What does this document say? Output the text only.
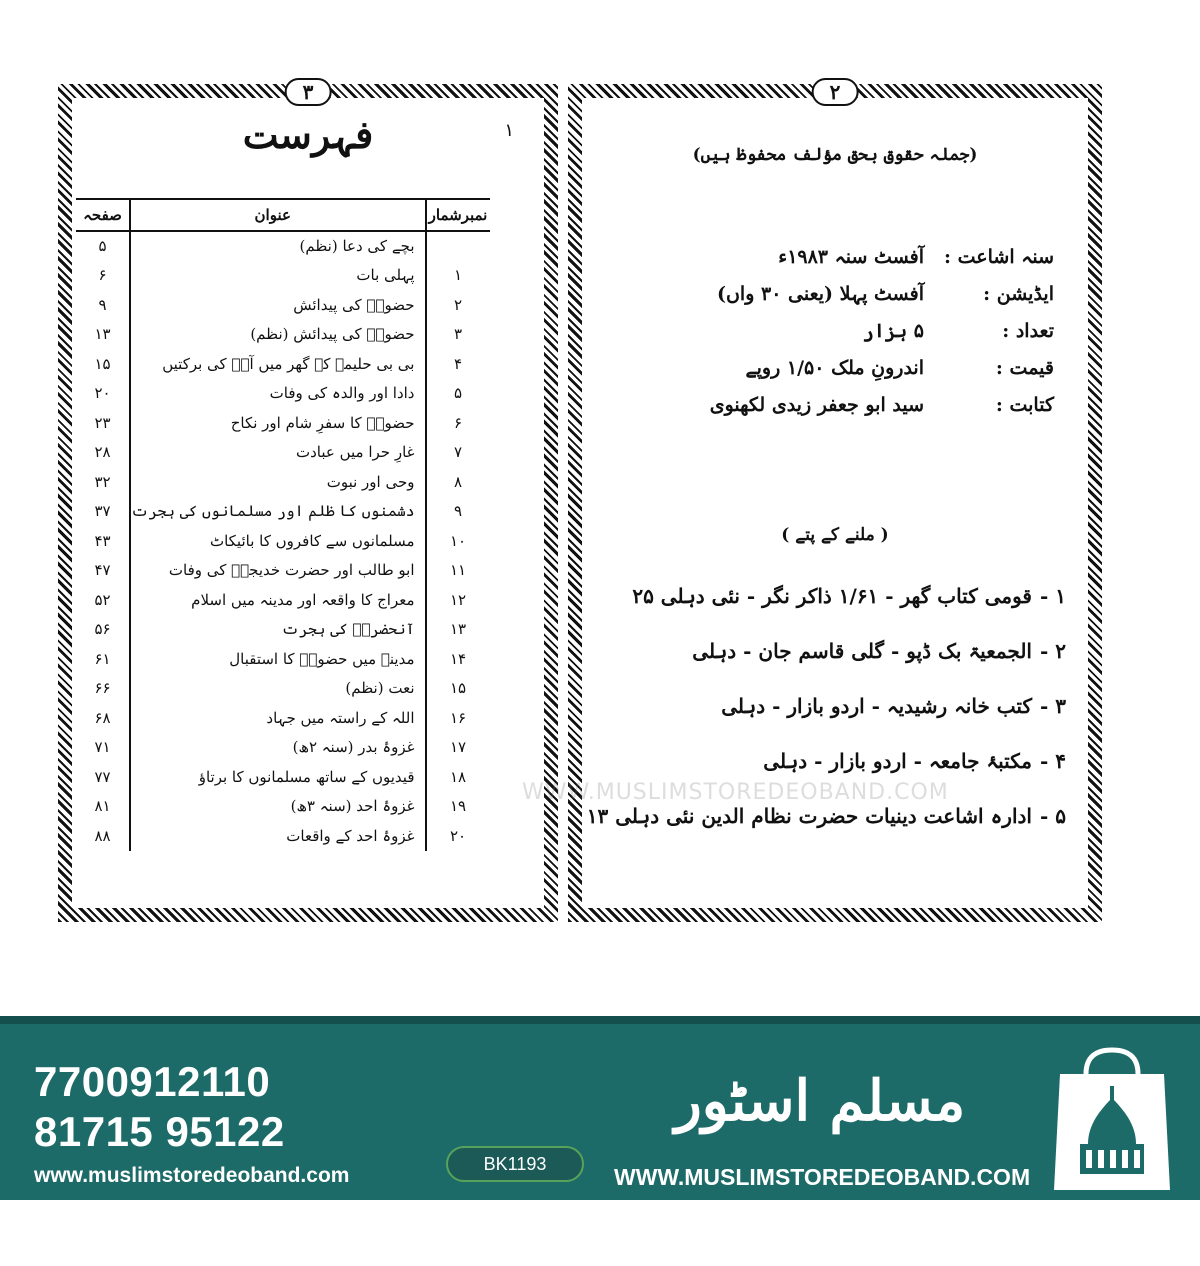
۳
فہرست	۱
نمبرشمار	عنوان	صفحہ
	بچے کی دعا (نظم)	۵
۱	پہلی بات	۶
۲	حضورؐ کی پیدائش	۹
۳	حضورؐ کی پیدائش (نظم)	۱۳
۴	بی بی حلیمہ کے گھر میں آپؐ کی برکتیں	۱۵
۵	دادا اور والدہ کی وفات	۲۰
۶	حضورؐ کا سفرِ شام اور نکاح	۲۳
۷	غارِ حرا میں عبادت	۲۸
۸	وحی اور نبوت	۳۲
۹	دشمنوں کا ظلم اور مسلمانوں کی ہجرت	۳۷
۱۰	مسلمانوں سے کافروں کا بائیکاٹ	۴۳
۱۱	ابو طالب اور حضرت خدیجہؓ کی وفات	۴۷
۱۲	معراج کا واقعہ اور مدینہ میں اسلام	۵۲
۱۳	آنحضرتؐ کی ہجرت	۵۶
۱۴	مدینہ میں حضورؐ کا استقبال	۶۱
۱۵	نعت (نظم)	۶۶
۱۶	اللہ کے راستہ میں جہاد	۶۸
۱۷	غزوۂ بدر (سنہ ۲ھ)	۷۱
۱۸	قیدیوں کے ساتھ مسلمانوں کا برتاؤ	۷۷
۱۹	غزوۂ احد (سنہ ۳ھ)	۸۱
۲۰	غزوۂ احد کے واقعات	۸۸
۲
(جملہ حقوق بحق مؤلف محفوظ ہیں)
سنہ اشاعت :
آفسٹ سنہ ۱۹۸۳ء
ایڈیشن :
آفسٹ پہلا (یعنی ۳۰ واں)
تعداد :
۵ ہزار
قیمت :
اندرونِ ملک ۱/۵۰ روپے
کتابت :
سید ابو جعفر زیدی لکھنوی
( ملنے کے پتے )
۱ -
قومی کتاب گھر - ۱/۶۱ ذاکر نگر - نئی دہلی ۲۵
۲ -
الجمعیۃ بک ڈپو - گلی قاسم جان - دہلی
۳ -
کتب خانہ رشیدیہ - اردو بازار - دہلی
۴ -
مکتبۂ جامعہ - اردو بازار - دہلی
۵ -
ادارہ اشاعت دینیات حضرت نظام الدین نئی دہلی ۱۳
WWW.MUSLIMSTOREDEOBAND.COM
7700912110
81715 95122
www.muslimstoredeoband.com
BK1193
مسلم اسٹور دیوبند
WWW.MUSLIMSTOREDEOBAND.COM
